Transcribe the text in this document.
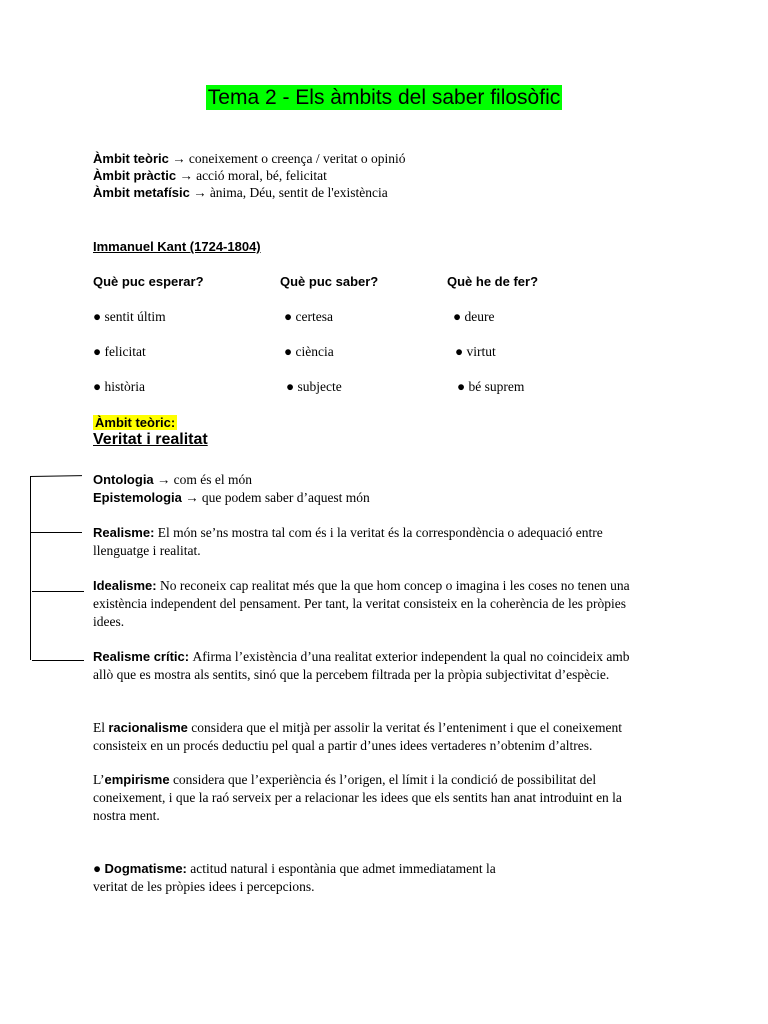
Tema 2 - Els àmbits del saber filosòfic
Àmbit teòric → coneixement o creença / veritat o opinió
Àmbit pràctic → acció moral, bé, felicitat
Àmbit metafísic → ànima, Déu, sentit de l'existència
Immanuel Kant (1724-1804)
Què puc esperar?	Què puc saber?	Què he de fer?
● sentit últim
● felicitat
● història
● certesa
● ciència
● subjecte
● deure
● virtut
● bé suprem
Àmbit teòric:
Veritat i realitat
Ontologia → com és el món
Epistemologia → que podem saber d’aquest món
Realisme: El món se’ns mostra tal com és i la veritat és la correspondència o adequació entre
llenguatge i realitat.
Idealisme: No reconeix cap realitat més que la que hom concep o imagina i les coses no tenen una
existència independent del pensament. Per tant, la veritat consisteix en la coherència de les pròpies
idees.
Realisme crític: Afirma l’existència d’una realitat exterior independent la qual no coincideix amb
allò que es mostra als sentits, sinó que la percebem filtrada per la pròpia subjectivitat d’espècie.
El racionalisme considera que el mitjà per assolir la veritat és l’enteniment i que el coneixement
consisteix en un procés deductiu pel qual a partir d’unes idees vertaderes n’obtenim d’altres.
L’empirisme considera que l’experiència és l’origen, el límit i la condició de possibilitat del
coneixement, i que la raó serveix per a relacionar les idees que els sentits han anat introduint en la
nostra ment.
● Dogmatisme: actitud natural i espontània que admet immediatament la
veritat de les pròpies idees i percepcions.
